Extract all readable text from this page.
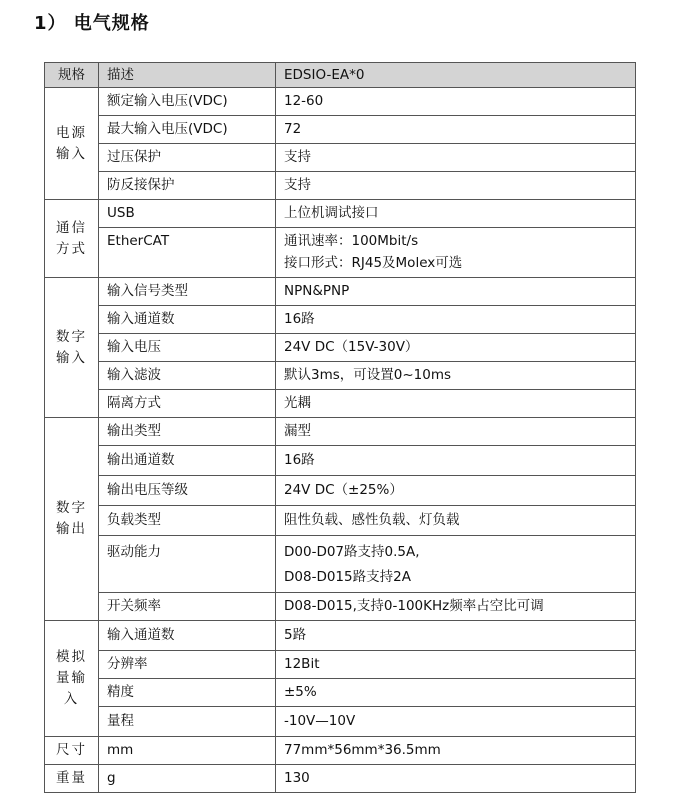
1） 电气规格
规格	描述	EDSIO-EA*0
电源输入	额定输入电压(VDC)	12-60
	最大输入电压(VDC)	72
	过压保护	支持
	防反接保护	支持
通信方式	USB	上位机调试接口
	EtherCAT	通讯速率：100Mbit/s
接口形式：RJ45及Molex可选

数字输入	输入信号类型	NPN&PNP
	输入通道数	16路
	输入电压	24V DC（15V-30V）
	输入滤波	默认3ms，可设置0~10ms
	隔离方式	光耦
数字输出	输出类型	漏型
	输出通道数	16路
	输出电压等级	24V DC（±25%）
	负载类型	阻性负载、感性负载、灯负载
	驱动能力	D00-D07路支持0.5A,
D08-D015路支持2A

	开关频率	D08-D015,支持0-100KHz频率占空比可调
模拟量输入	输入通道数	5路
	分辨率	12Bit
	精度	±5%
	量程	-10V—10V
尺寸	mm	77mm*56mm*36.5mm
重量	g	130
